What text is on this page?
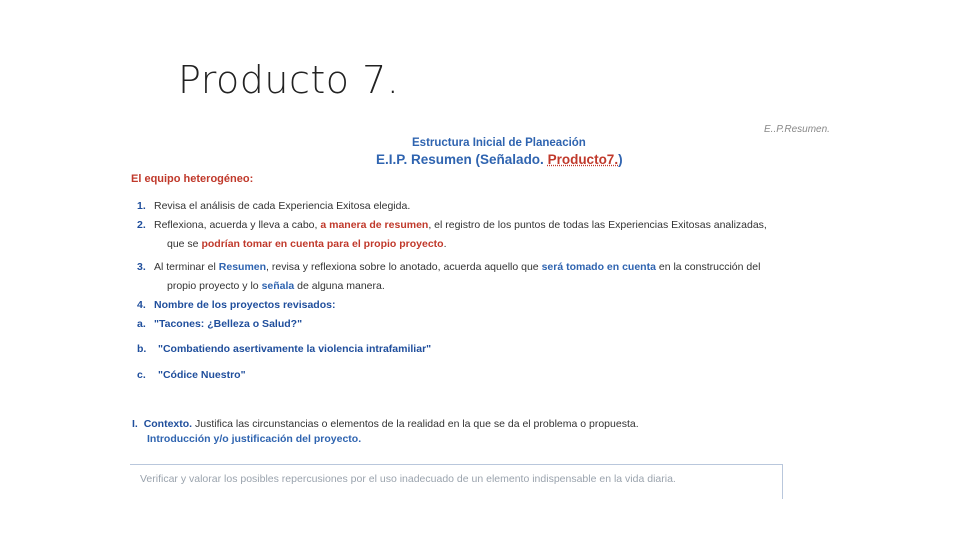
Producto 7.
E..P.Resumen.
Estructura Inicial de Planeación
E.I.P. Resumen (Señalado. Producto7.)
El equipo heterogéneo:
1. Revisa el análisis de cada Experiencia Exitosa elegida.
2. Reflexiona, acuerda y lleva a cabo, a manera de resumen, el registro de los puntos de todas las Experiencias Exitosas analizadas,
que se podrían tomar en cuenta para el propio proyecto.
3. Al terminar el Resumen, revisa y reflexiona sobre lo anotado, acuerda aquello que será tomado en cuenta en la construcción del
propio proyecto y lo señala de alguna manera.
4. Nombre de los proyectos revisados:
a. "Tacones: ¿Belleza o Salud?"
b. "Combatiendo asertivamente la violencia intrafamiliar"
c. "Códice Nuestro"
I. Contexto. Justifica las circunstancias o elementos de la realidad en la que se da el problema o propuesta.
Introducción y/o justificación del proyecto.
Verificar y valorar los posibles repercusiones por el uso inadecuado de un elemento indispensable en la vida diaria.
